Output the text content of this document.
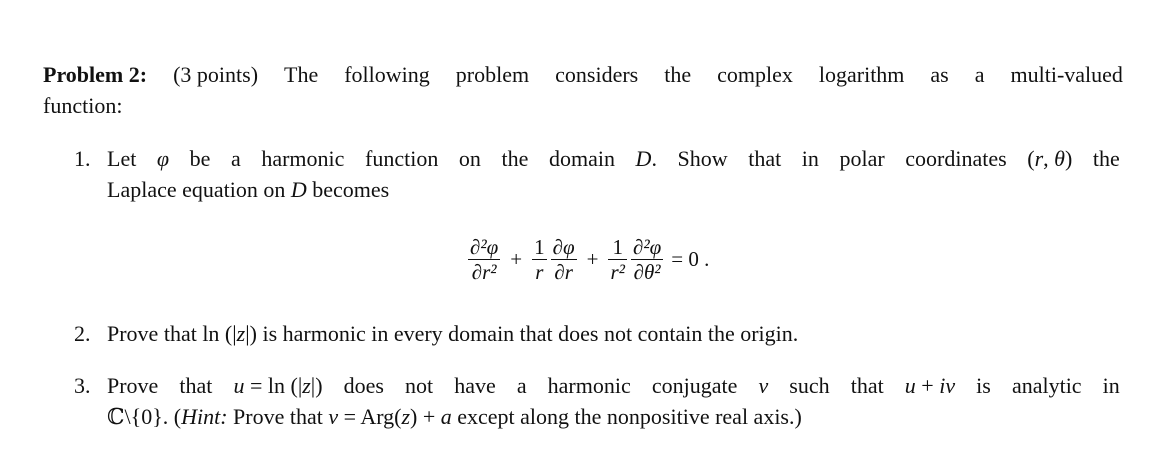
Problem 2: (3 points) The following problem considers the complex logarithm as a multi-valued
function:
1. Let φ be a harmonic function on the domain D. Show that in polar coordinates (r, θ) the
Laplace equation on D becomes
$\frac{\text{∂²φ}}{\text{∂r²}} + \frac{1}{r} \frac{\partial\varphi}{\partial r} + \frac{1}{\text{r²}} \frac{\text{∂²φ}}{\text{∂θ²}} = 0$ .
2. Prove that ln (|z|) is harmonic in every domain that does not contain the origin.
3. Prove that u = ln (|z|) does not have a harmonic conjugate v such that u + iv is analytic in
ℂ\{0}. (Hint: Prove that v = Arg(z) + a except along the nonpositive real axis.)
